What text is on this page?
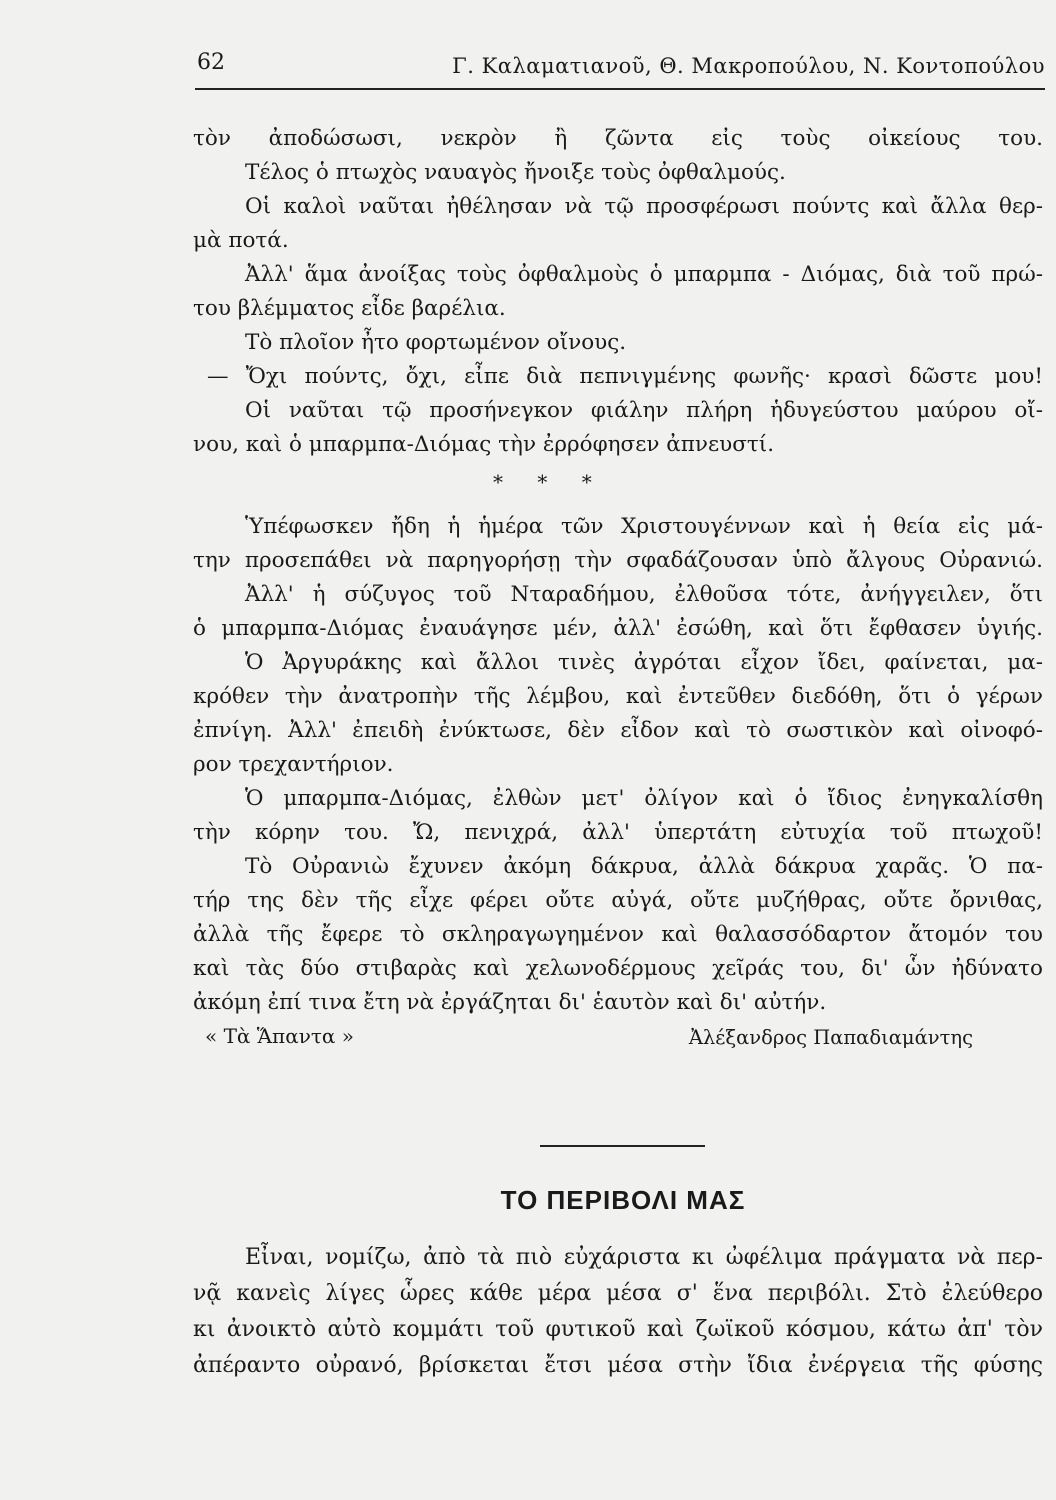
62	Γ. Καλαματιανοῦ, Θ. Μακροπούλου, Ν. Κοντοπούλου
τὸν ἀποδώσωσι, νεκρὸν ἢ ζῶντα εἰς τοὺς οἰκείους του.
Τέλος ὁ πτωχὸς ναυαγὸς ἤνοιξε τοὺς ὀφθαλμούς.
Οἱ καλοὶ ναῦται ἠθέλησαν νὰ τῷ προσφέρωσι πούντς καὶ ἄλλα θερ-
μὰ ποτά.
Ἀλλ' ἅμα ἀνοίξας τοὺς ὀφθαλμοὺς ὁ μπαρμπα - Διόμας, διὰ τοῦ πρώ-
του βλέμματος εἶδε βαρέλια.
Τὸ πλοῖον ἦτο φορτωμένον οἴνους.
— Ὄχι πούντς, ὄχι, εἶπε διὰ πεπνιγμένης φωνῆς· κρασὶ δῶστε μου!
Οἱ ναῦται τῷ προσήνεγκον φιάλην πλήρη ἡδυγεύστου μαύρου οἴ-
νου, καὶ ὁ μπαρμπα-Διόμας τὴν ἐρρόφησεν ἀπνευστί.
* * *
Ὑπέφωσκεν ἤδη ἡ ἡμέρα τῶν Χριστουγέννων καὶ ἡ θεία εἰς μά-
την προσεπάθει νὰ παρηγορήσῃ τὴν σφαδάζουσαν ὑπὸ ἄλγους Οὐρανιώ.
Ἀλλ' ἡ σύζυγος τοῦ Νταραδήμου, ἐλθοῦσα τότε, ἀνήγγειλεν, ὅτι
ὁ μπαρμπα-Διόμας ἐναυάγησε μέν, ἀλλ' ἐσώθη, καὶ ὅτι ἔφθασεν ὑγιής.
Ὁ Ἀργυράκης καὶ ἄλλοι τινὲς ἀγρόται εἶχον ἴδει, φαίνεται, μα-
κρόθεν τὴν ἀνατροπὴν τῆς λέμβου, καὶ ἐντεῦθεν διεδόθη, ὅτι ὁ γέρων
ἐπνίγη. Ἀλλ' ἐπειδὴ ἐνύκτωσε, δὲν εἶδον καὶ τὸ σωστικὸν καὶ οἰνοφό-
ρον τρεχαντήριον.
Ὁ μπαρμπα-Διόμας, ἐλθὼν μετ' ὀλίγον καὶ ὁ ἴδιος ἐνηγκαλίσθη
τὴν κόρην του. Ὤ, πενιχρά, ἀλλ' ὑπερτάτη εὐτυχία τοῦ πτωχοῦ!
Τὸ Οὐρανιὼ ἔχυνεν ἀκόμη δάκρυα, ἀλλὰ δάκρυα χαρᾶς. Ὁ πα-
τήρ της δὲν τῆς εἶχε φέρει οὔτε αὐγά, οὔτε μυζήθρας, οὔτε ὄρνιθας,
ἀλλὰ τῆς ἔφερε τὸ σκληραγωγημένον καὶ θαλασσόδαρτον ἄτομόν του
καὶ τὰς δύο στιβαρὰς καὶ χελωνοδέρμους χεῖράς του, δι' ὧν ἠδύνατο
ἀκόμη ἐπί τινα ἔτη νὰ ἐργάζηται δι' ἑαυτὸν καὶ δι' αὐτήν.
« Τὰ Ἅπαντα »	Ἀλέξανδρος Παπαδιαμάντης
ΤΟ ΠΕΡΙΒΟΛΙ ΜΑΣ
Εἶναι, νομίζω, ἀπὸ τὰ πιὸ εὐχάριστα κι ὠφέλιμα πράγματα νὰ περ-
νᾷ κανεὶς λίγες ὧρες κάθε μέρα μέσα σ' ἕνα περιβόλι. Στὸ ἐλεύθερο
κι ἀνοικτὸ αὐτὸ κομμάτι τοῦ φυτικοῦ καὶ ζωϊκοῦ κόσμου, κάτω ἀπ' τὸν
ἀπέραντο οὐρανό, βρίσκεται ἔτσι μέσα στὴν ἴδια ἐνέργεια τῆς φύσης
